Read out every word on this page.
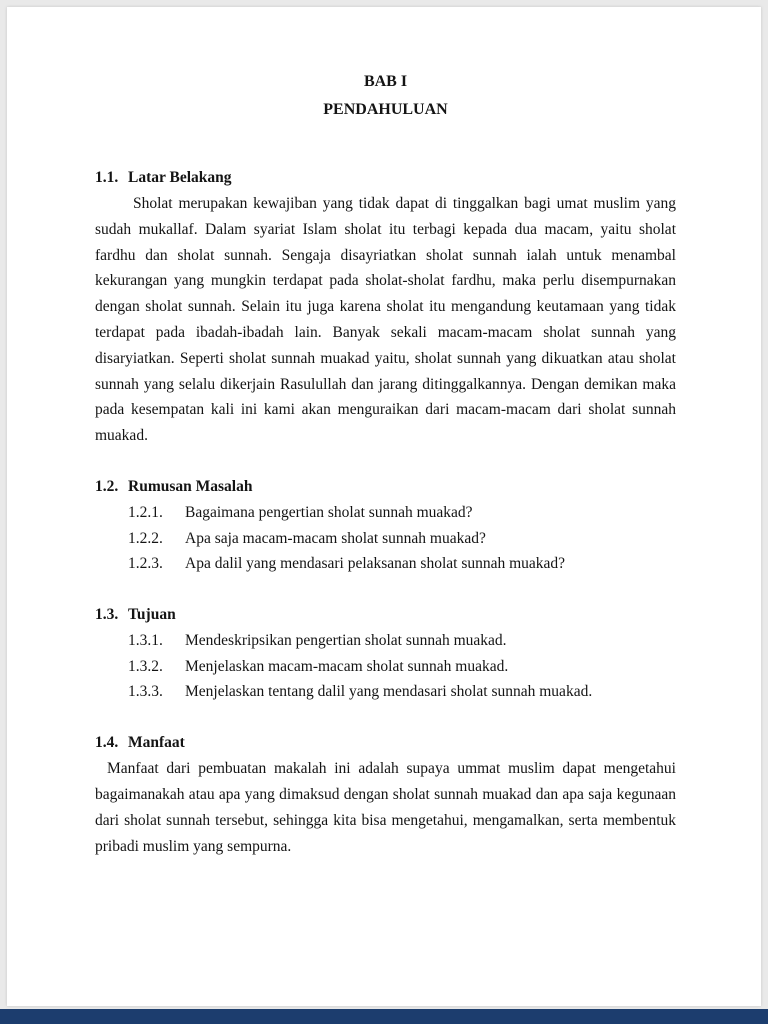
BAB I
PENDAHULUAN
1.1. Latar Belakang

Sholat merupakan kewajiban yang tidak dapat di tinggalkan bagi umat muslim yang sudah mukallaf. Dalam syariat Islam sholat itu terbagi kepada dua macam, yaitu sholat fardhu dan sholat sunnah. Sengaja disayriatkan sholat sunnah ialah untuk menambal kekurangan yang mungkin terdapat pada sholat-sholat fardhu, maka perlu disempurnakan dengan sholat sunnah. Selain itu juga karena sholat itu mengandung keutamaan yang tidak terdapat pada ibadah-ibadah lain. Banyak sekali macam-macam sholat sunnah yang disaryiatkan. Seperti sholat sunnah muakad yaitu, sholat sunnah yang dikuatkan atau sholat sunnah yang selalu dikerjain Rasulullah dan jarang ditinggalkannya. Dengan demikan maka pada kesempatan kali ini kami akan menguraikan dari macam-macam dari sholat sunnah muakad.

1.2. Rumusan Masalah
1.2.1.	Bagaimana pengertian sholat sunnah muakad?
1.2.2.	Apa saja macam-macam sholat sunnah muakad?
1.2.3.	Apa dalil yang mendasari pelaksanan sholat sunnah muakad?
1.3. Tujuan
1.3.1.	Mendeskripsikan pengertian sholat sunnah muakad.
1.3.2.	Menjelaskan macam-macam sholat sunnah muakad.
1.3.3.	Menjelaskan tentang dalil yang mendasari sholat sunnah muakad.
1.4. Manfaat

Manfaat dari pembuatan makalah ini adalah supaya ummat muslim dapat mengetahui bagaimanakah atau apa yang dimaksud dengan sholat sunnah muakad dan apa saja kegunaan dari sholat sunnah tersebut, sehingga kita bisa mengetahui, mengamalkan, serta membentuk pribadi muslim yang sempurna.
